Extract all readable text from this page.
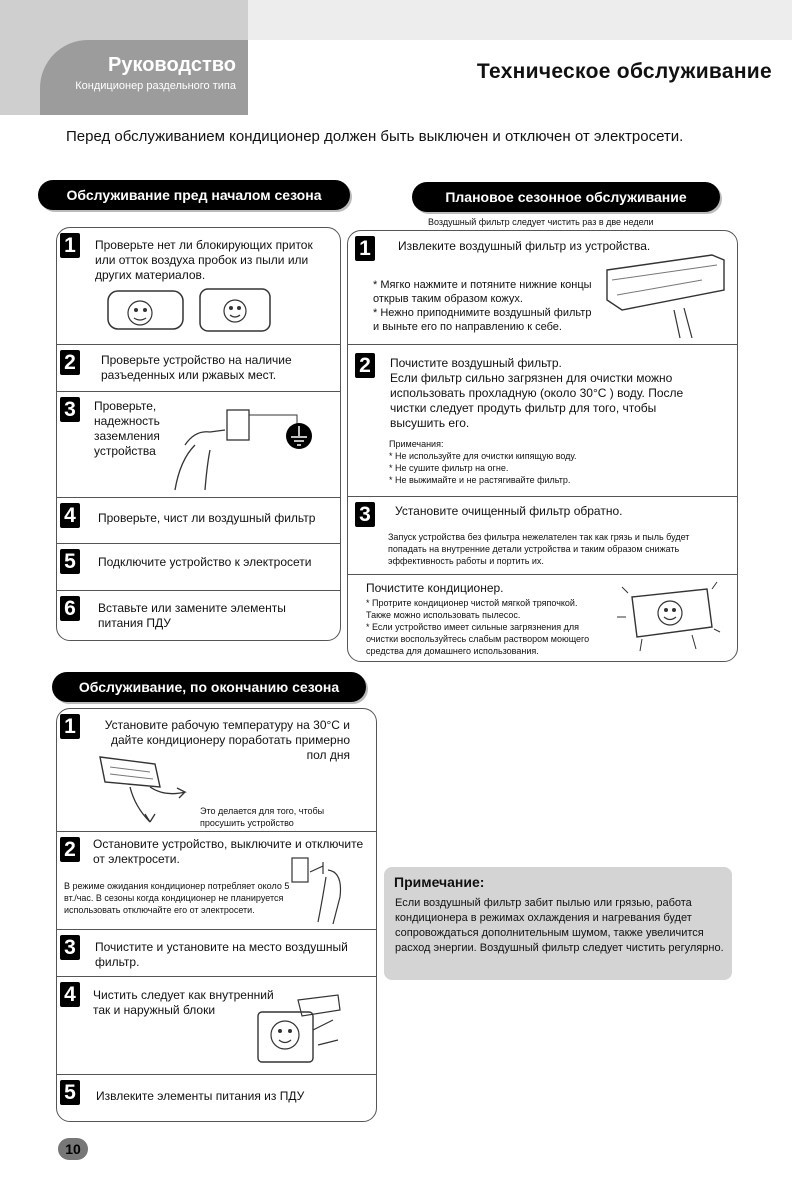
Руководство
Кондиционер раздельного типа
Техническое обслуживание
Перед обслуживанием кондиционер должен быть выключен и отключен от электросети.
Обслуживание пред началом сезона
1	Проверьте нет ли блокирующих приток или отток воздуха пробок из пыли или других материалов.
2	Проверьте устройство на наличие разъеденных или ржавых мест.
3	Проверьте, надежность заземления устройства
4	Проверьте, чист ли воздушный фильтр
5	Подключите устройство к электросети
6	Вставьте или замените элементы питания ПДУ
Плановое сезонное обслуживание
Воздушный фильтр следует чистить раз в две недели
1	Извлеките воздушный фильтр из устройства.
* Мягко нажмите и потяните нижние концы открыв таким образом кожух.
* Нежно приподнимите воздушный фильтр и выньте его по направлению к себе.
2	Почистите воздушный фильтр.
Если фильтр сильно загрязнен для очистки можно использовать прохладную (около 30°C ) воду. После чистки следует продуть фильтр для того, чтобы высушить его.
Примечания:
* Не используйте для очистки кипящую воду.
* Не сушите фильтр на огне.
* Не выжимайте и не растягивайте фильтр.
3	Установите очищенный фильтр обратно.
Запуск устройства без фильтра нежелателен так как грязь и пыль будет попадать на внутренние детали устройства и таким образом снижать эффективность работы и портить их.
Почистите кондиционер.
* Протрите кондиционер чистой мягкой тряпочкой.
Также можно использовать пылесос.
* Если устройство имеет сильные загрязнения для очистки воспользуйтесь слабым раствором моющего средства для домашнего использования.
Обслуживание, по окончанию сезона
1	Установите рабочую температуру на 30°C и
дайте кондиционеру поработать примерно
пол дня
Это делается для того, чтобы
просушить устройство
2	Остановите устройство, выключите и отключите от электросети.
В режиме ожидания кондиционер потребляет около 5 вт./час. В сезоны когда кондиционер не планируется использовать отключайте его от электросети.
3	Почистите и установите на место воздушный фильтр.
4	Чистить следует как внутренний так и наружный блоки
5	Извлеките элементы питания из ПДУ
Примечание:
Если воздушный фильтр забит пылью или грязью, работа кондиционера в режимах охлаждения и нагревания будет сопровождаться дополнительным шумом, также увеличится расход энергии. Воздушный фильтр следует чистить регулярно.
10
